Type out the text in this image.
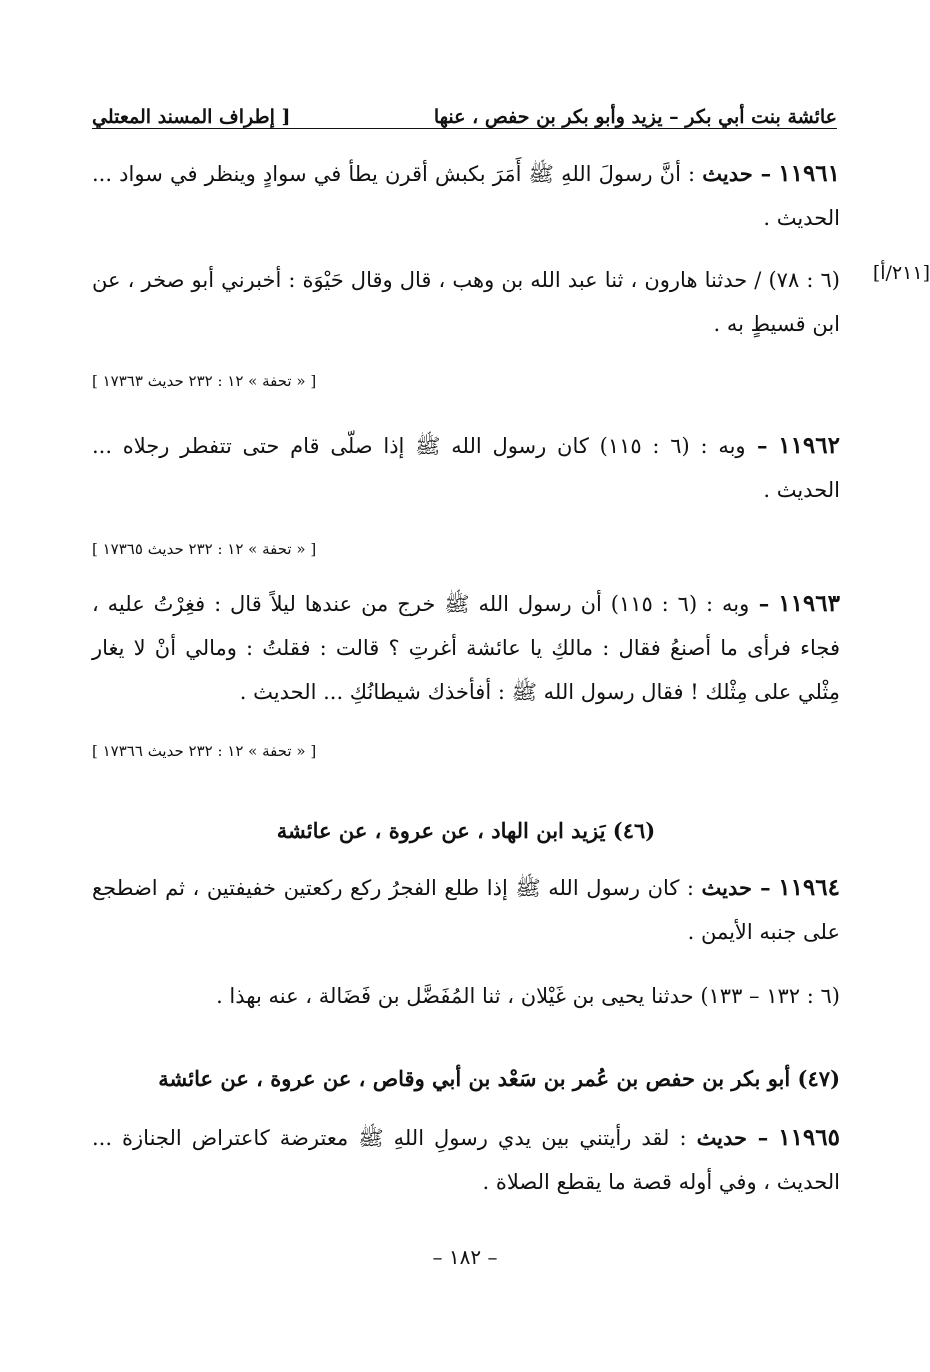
عائشة بنت أبي بكر – يزيد وأبو بكر بن حفص ، عنها
[ إطراف المسند المعتلي
١١٩٦١ – حديث : أنَّ رسولَ اللهِ ﷺ أَمَرَ بكبش أقرن يطأ في سوادٍ وينظر في سواد ... الحديث .
[٢١١/أ]
(٦ : ٧٨) / حدثنا هارون ، ثنا عبد الله بن وهب ، قال وقال حَيْوَة : أخبرني أبو صخر ، عن ابن قسيطٍ به .
[ « تحفة » ١٢ : ٢٣٢ حديث ١٧٣٦٣ ]
١١٩٦٢ – وبه : (٦ : ١١٥) كان رسول الله ﷺ إذا صلّى قام حتى تتفطر رجلاه ... الحديث .
[ « تحفة » ١٢ : ٢٣٢ حديث ١٧٣٦٥ ]
١١٩٦٣ – وبه : (٦ : ١١٥) أن رسول الله ﷺ خرج من عندها ليلاً قال : فغِرْتُ عليه ، فجاء فرأى ما أصنعُ فقال : مالكِ يا عائشة أغرتِ ؟ قالت : فقلتُ : ومالي أنْ لا يغار مِثْلي على مِثْلك ! فقال رسول الله ﷺ : أفأخذك شيطانُكِ ... الحديث .
[ « تحفة » ١٢ : ٢٣٢ حديث ١٧٣٦٦ ]
(٤٦) يَزيد ابن الهاد ، عن عروة ، عن عائشة
١١٩٦٤ – حديث : كان رسول الله ﷺ إذا طلع الفجرُ ركع ركعتين خفيفتين ، ثم اضطجع على جنبه الأيمن .
(٦ : ١٣٢ – ١٣٣) حدثنا يحيى بن غَيْلان ، ثنا المُفَضَّل بن فَضَالة ، عنه بهذا .
(٤٧) أبو بكر بن حفص بن عُمر بن سَعْد بن أبي وقاص ، عن عروة ، عن عائشة
١١٩٦٥ – حديث : لقد رأيتني بين يدي رسولِ اللهِ ﷺ معترضة كاعتراض الجنازة ... الحديث ، وفي أوله قصة ما يقطع الصلاة .
– ١٨٢ –
